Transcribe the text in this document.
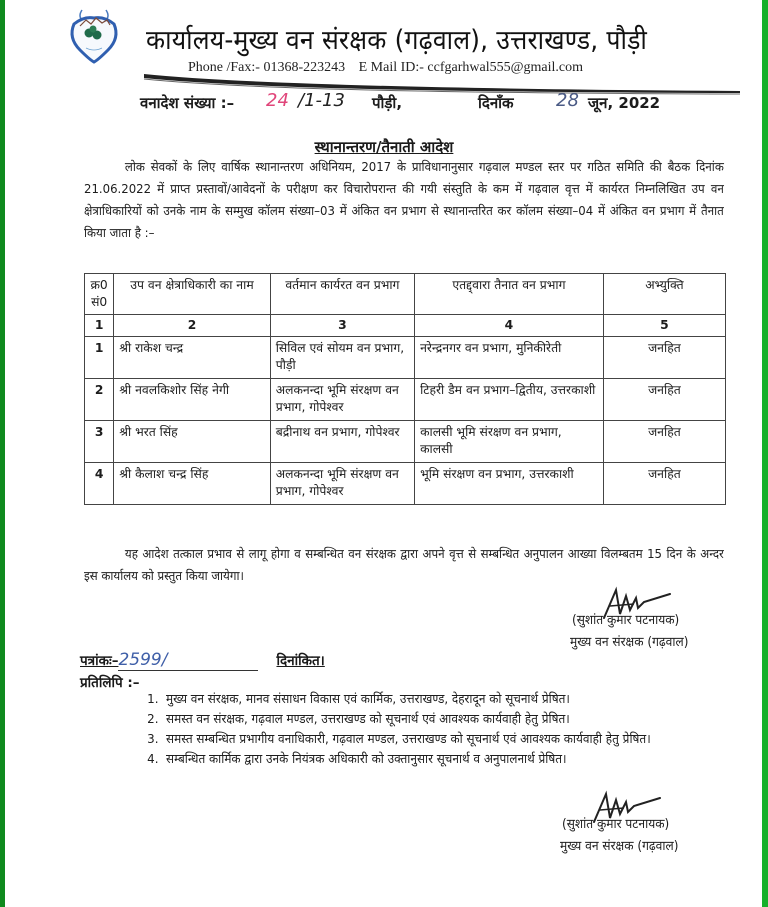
कार्यालय-मुख्य वन संरक्षक (गढ़वाल), उत्तराखण्ड, पौड़ी
Phone /Fax:- 01368-223243 E Mail ID:- ccfgarhwal555@gmail.com
वनादेश संख्या :– 24 /1-13 पौड़ी,	दिनाँक 28 जून, 2022
स्थानान्तरण/तैनाती आदेश

लोक सेवकों के लिए वार्षिक स्थानान्तरण अधिनियम, 2017 के प्राविधानानुसार गढ़वाल मण्डल स्तर पर गठित समिति की बैठक दिनांक 21.06.2022 में प्राप्त प्रस्तावों/आवेदनों के परीक्षण कर विचारोपरान्त की गयी संस्तुति के कम में गढ़वाल वृत्त में कार्यरत निम्नलिखित उप वन क्षेत्राधिकारियों को उनके नाम के सम्मुख कॉलम संख्या–03 में अंकित वन प्रभाग से स्थानान्तरित कर कॉलम संख्या–04 में अंकित वन प्रभाग में तैनात किया जाता है :–

क्र0 सं0	उप वन क्षेत्राधिकारी का नाम	वर्तमान कार्यरत वन प्रभाग	एतद्द्वारा तैनात वन प्रभाग	अभ्युक्ति
1	2	3	4	5
1	श्री राकेश चन्द्र	सिविल एवं सोयम वन प्रभाग, पौड़ी	नरेन्द्रनगर वन प्रभाग, मुनिकीरेती	जनहित
2	श्री नवलकिशोर सिंह नेगी	अलकनन्दा भूमि संरक्षण वन प्रभाग, गोपेश्वर	टिहरी डैम वन प्रभाग–द्वितीय, उत्तरकाशी	जनहित
3	श्री भरत सिंह	बद्रीनाथ वन प्रभाग, गोपेश्वर	कालसी भूमि संरक्षण वन प्रभाग, कालसी	जनहित
4	श्री कैलाश चन्द्र सिंह	अलकनन्दा भूमि संरक्षण वन प्रभाग, गोपेश्वर	भूमि संरक्षण वन प्रभाग, उत्तरकाशी	जनहित

यह आदेश तत्काल प्रभाव से लागू होगा व सम्बन्धित वन संरक्षक द्वारा अपने वृत्त से सम्बन्धित अनुपालन आख्या विलम्बतम 15 दिन के अन्दर इस कार्यालय को प्रस्तुत किया जायेगा।

(सुशांत कुमार पटनायक)
मुख्य वन संरक्षक (गढ़वाल)
पत्रांकः–2599/	दिनांकित।
प्रतिलिपि :–
1. मुख्य वन संरक्षक, मानव संसाधन विकास एवं कार्मिक, उत्तराखण्ड, देहरादून को सूचनार्थ प्रेषित।
2. समस्त वन संरक्षक, गढ़वाल मण्डल, उत्तराखण्ड को सूचनार्थ एवं आवश्यक कार्यवाही हेतु प्रेषित।
3. समस्त सम्बन्धित प्रभागीय वनाधिकारी, गढ़वाल मण्डल, उत्तराखण्ड को सूचनार्थ एवं आवश्यक कार्यवाही हेतु प्रेषित।
4. सम्बन्धित कार्मिक द्वारा उनके नियंत्रक अधिकारी को उक्तानुसार सूचनार्थ व अनुपालनार्थ प्रेषित।
(सुशांत कुमार पटनायक)
मुख्य वन संरक्षक (गढ़वाल)
